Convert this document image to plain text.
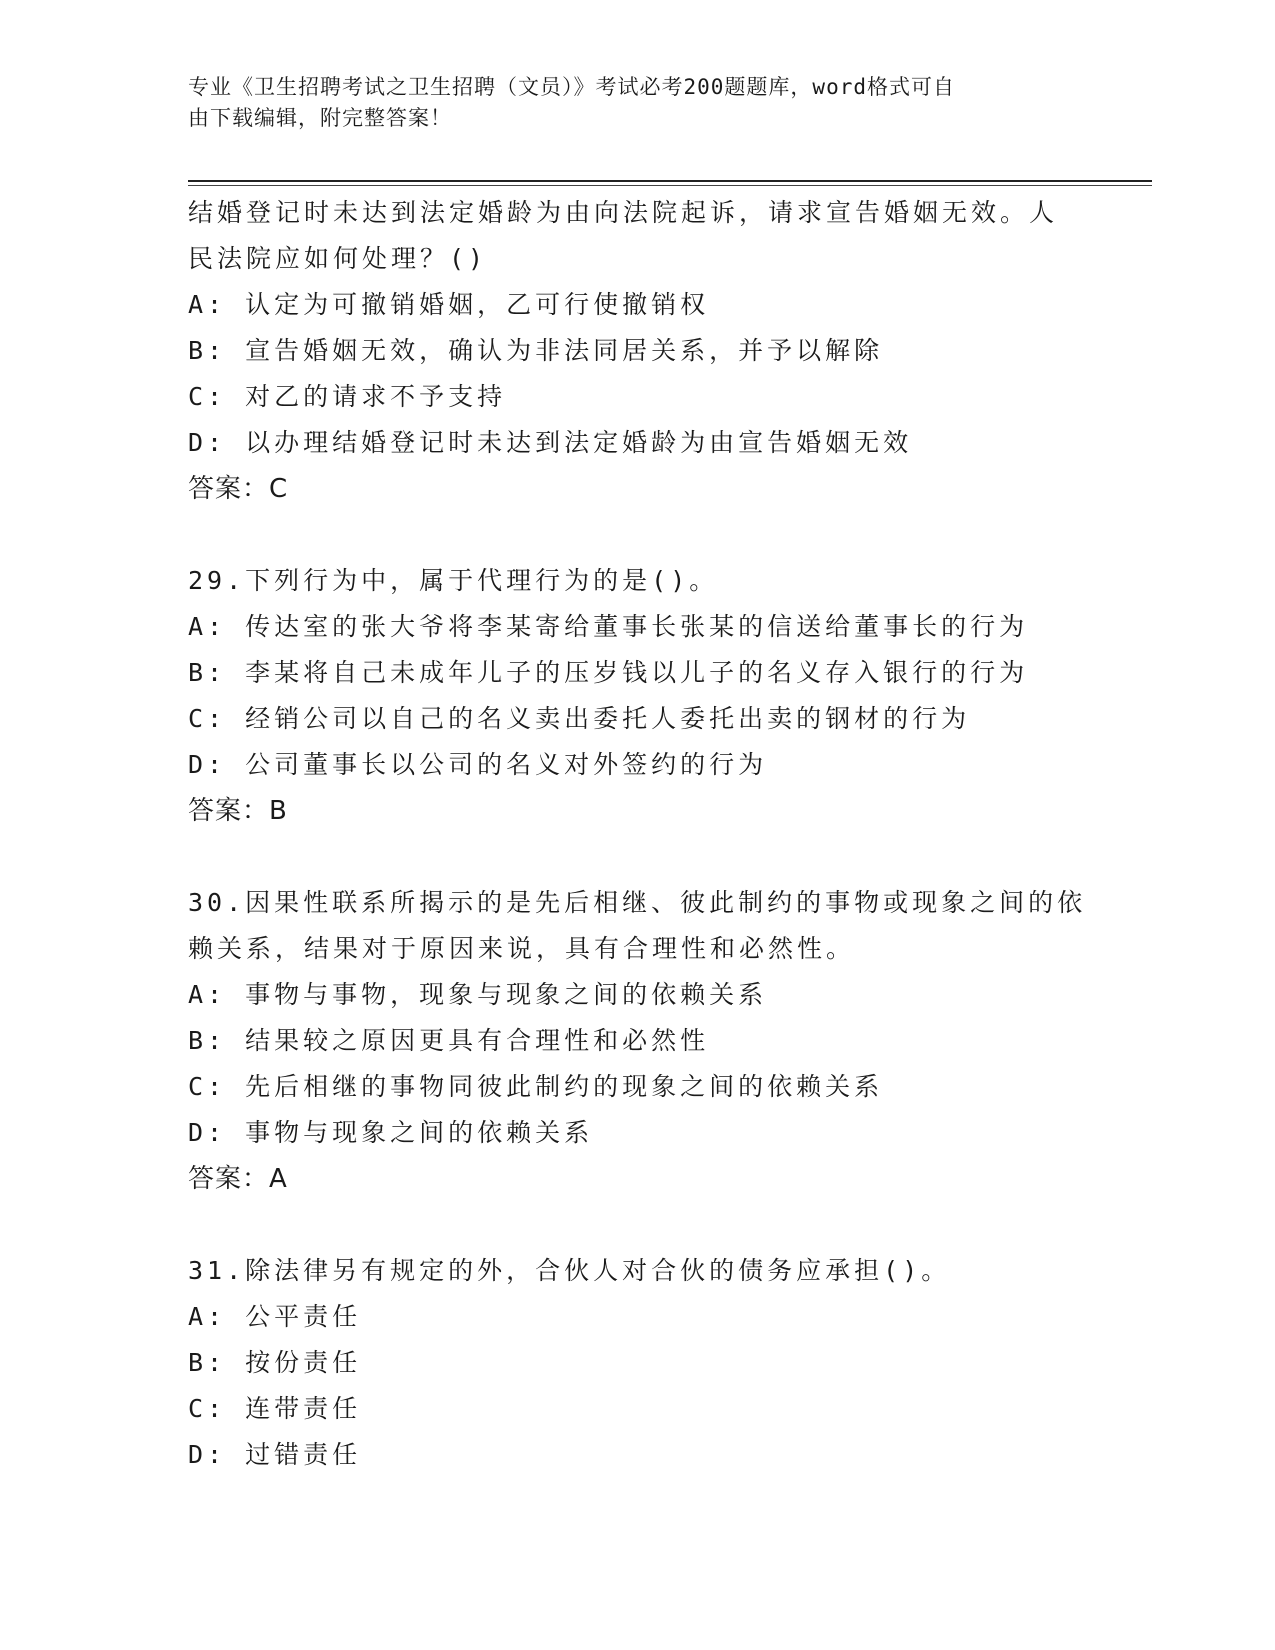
专业《卫生招聘考试之卫生招聘（文员）》考试必考200题题库，word格式可自
由下载编辑，附完整答案！

结婚登记时未达到法定婚龄为由向法院起诉，请求宣告婚姻无效。人

民法院应如何处理？()

A: 认定为可撤销婚姻，乙可行使撤销权

B: 宣告婚姻无效，确认为非法同居关系，并予以解除

C: 对乙的请求不予支持

D: 以办理结婚登记时未达到法定婚龄为由宣告婚姻无效

答案：C

29.下列行为中，属于代理行为的是()。

A: 传达室的张大爷将李某寄给董事长张某的信送给董事长的行为

B: 李某将自己未成年儿子的压岁钱以儿子的名义存入银行的行为

C: 经销公司以自己的名义卖出委托人委托出卖的钢材的行为

D: 公司董事长以公司的名义对外签约的行为

答案：B

30.因果性联系所揭示的是先后相继、彼此制约的事物或现象之间的依

赖关系，结果对于原因来说，具有合理性和必然性。

A: 事物与事物，现象与现象之间的依赖关系

B: 结果较之原因更具有合理性和必然性

C: 先后相继的事物同彼此制约的现象之间的依赖关系

D: 事物与现象之间的依赖关系

答案：A

31.除法律另有规定的外，合伙人对合伙的债务应承担()。

A: 公平责任

B: 按份责任

C: 连带责任

D: 过错责任
